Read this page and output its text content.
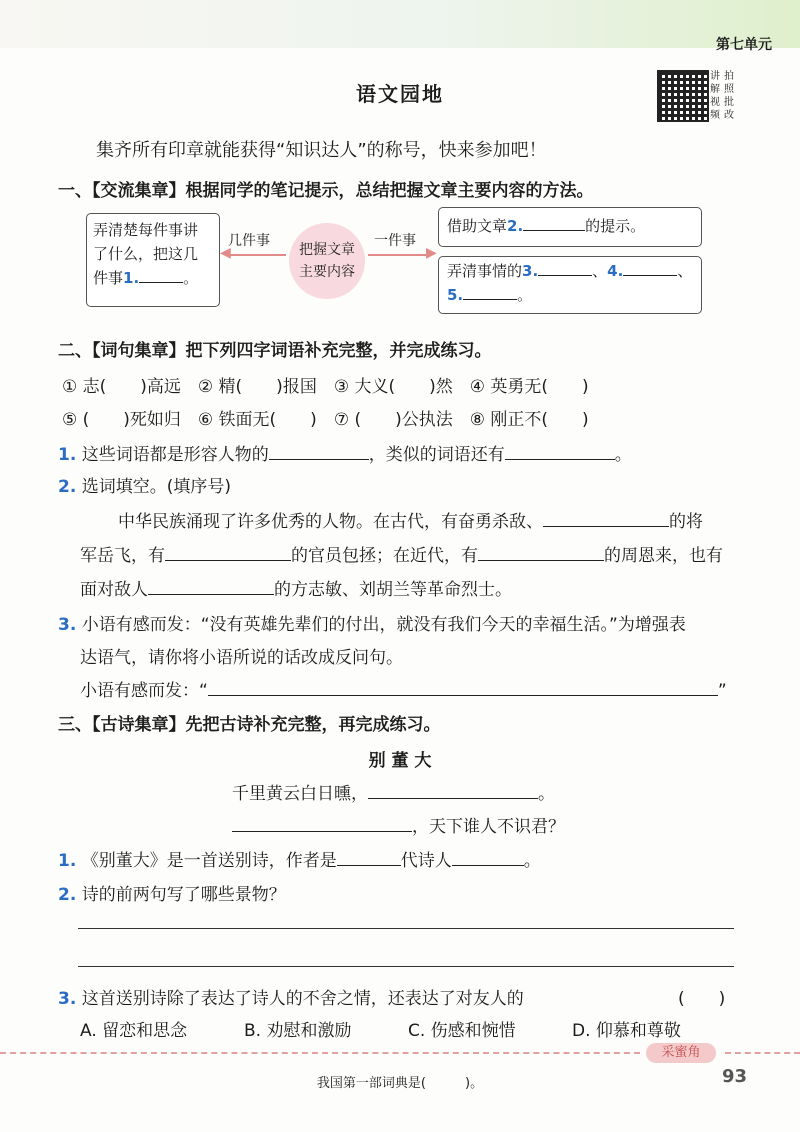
第七单元
语文园地
讲 拍
解 照
视 批
频 改
集齐所有印章就能获得“知识达人”的称号，快来参加吧！
一、【交流集章】根据同学的笔记提示，总结把握文章主要内容的方法。
弄清楚每件事讲
了什么，把这几
件事1.	。
几件事
◀	把握文章
主要内容
一件事
▶
借助文章2.	的提示。
弄清事情的3.	、4.	、
5.	。
二、【词句集章】把下列四字词语补充完整，并完成练习。
① 志(　　)高远　② 精(　　)报国　③ 大义(　　)然　④ 英勇无(　　)
⑤ (　　)死如归　⑥ 铁面无(　　)　⑦ (　　)公执法　⑧ 刚正不(　　)
1. 这些词语都是形容人物的	，类似的词语还有	。
2. 选词填空。(填序号)
中华民族涌现了许多优秀的人物。在古代，有奋勇杀敌、	的将
军岳飞，有	的官员包拯；在近代，有	的周恩来，也有
面对敌人	的方志敏、刘胡兰等革命烈士。
3. 小语有感而发：“没有英雄先辈们的付出，就没有我们今天的幸福生活。”为增强表
达语气，请你将小语所说的话改成反问句。
小语有感而发：“	”
三、【古诗集章】先把古诗补充完整，再完成练习。
别 董 大
千里黄云白日曛，	。
，天下谁人不识君？
1. 《别董大》是一首送别诗，作者是	代诗人	。
2. 诗的前两句写了哪些景物？
3. 这首送别诗除了表达了诗人的不舍之情，还表达了对友人的	(　　)
A. 留恋和思念	B. 劝慰和激励	C. 伤感和惋惜	D. 仰慕和尊敬
采蜜角
93
我国第一部词典是(　　　)。
